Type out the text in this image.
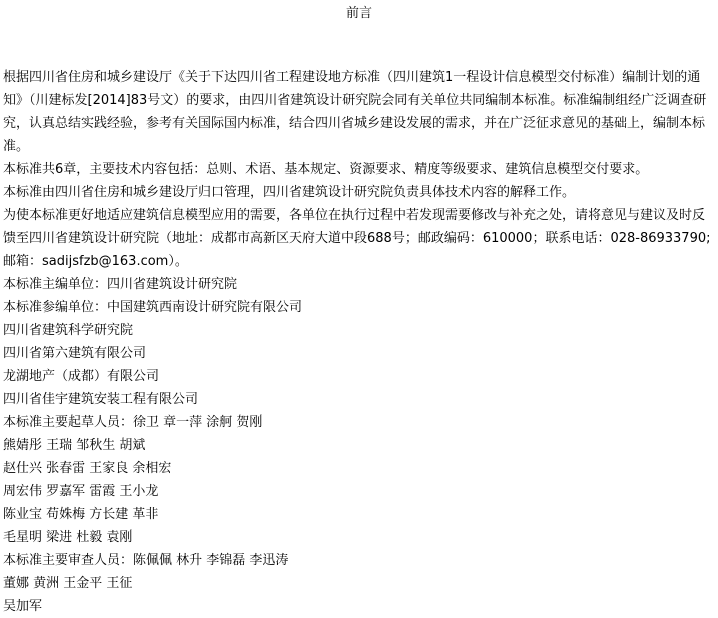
前言

根据四川省住房和城乡建设厅《关于下达四川省工程建设地方标准（四川建筑1一程设计信息模型交付标准）编制计划的通知》（川建标发[2014]83号文）的要求，由四川省建筑设计研究院会同有关单位共同编制本标准。标准编制组经广泛调查研究，认真总结实践经验，参考有关国际国内标准，结合四川省城乡建设发展的需求，并在广泛征求意见的基础上，编制本标准。

本标准共6章，主要技术内容包括：总则、术语、基本规定、资源要求、精度等级要求、建筑信息模型交付要求。

本标准由四川省住房和城乡建设厅归口管理，四川省建筑设计研究院负责具体技术内容的解释工作。

为使本标准更好地适应建筑信息模型应用的需要，各单位在执行过程中若发现需要修改与补充之处，请将意见与建议及时反馈至四川省建筑设计研究院（地址：成都市高新区天府大道中段688号；邮政编码：610000；联系电话：028-86933790;邮箱：sadijsfzb@163.com）。

本标准主编单位：四川省建筑设计研究院

本标准参编单位：中国建筑西南设计研究院有限公司

四川省建筑科学研究院

四川省第六建筑有限公司

龙湖地产（成都）有限公司

四川省佳宇建筑安装工程有限公司

本标准主要起草人员：徐卫 章一萍 涂舸 贺刚

熊婧彤 王瑞 邹秋生 胡斌

赵仕兴 张春雷 王家良 余相宏

周宏伟 罗嘉军 雷霞 王小龙

陈业宝 苟姝梅 方长建 革非

毛星明 梁进 杜毅 袁刚

本标准主要审查人员：陈佩佩 林升 李锦磊 李迅涛

董娜 黄洲 王金平 王征

吴加军
